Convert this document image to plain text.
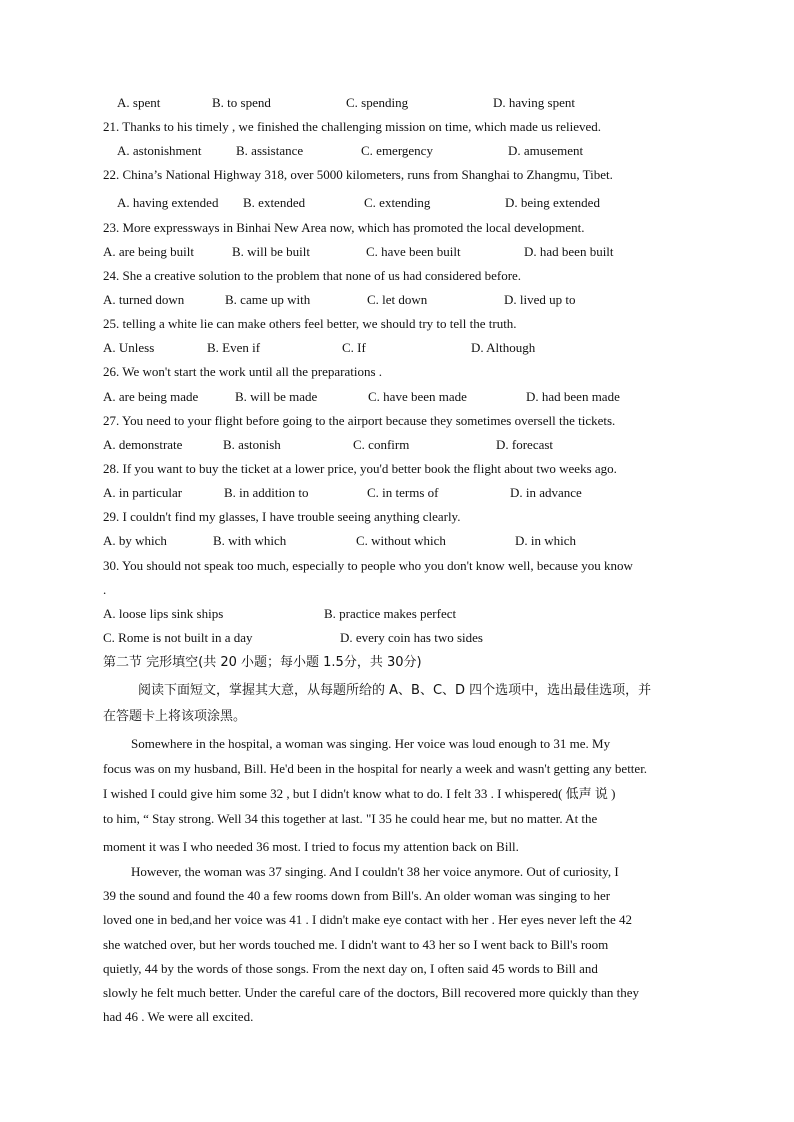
A. spent	B. to spend	C. spending	D. having spent
21. Thanks to his timely , we finished the challenging mission on time, which made us relieved.
A. astonishment	B. assistance	C. emergency	D. amusement
22. China’s National Highway 318, over 5000 kilometers, runs from Shanghai to Zhangmu, Tibet.
A. having extended B. extended	C. extending	D. being extended
23. More expressways in Binhai New Area now, which has promoted the local development.
A. are being built	B. will be built	C. have been built	D. had been built
24. She a creative solution to the problem that none of us had considered before.
A. turned down	B. came up with	C. let down	D. lived up to
25. telling a white lie can make others feel better, we should try to tell the truth.
A. Unless	B. Even if	C. If	D. Although
26. We won't start the work until all the preparations .
A. are being made	B. will be made	C. have been made	D. had been made
27. You need to your flight before going to the airport because they sometimes oversell the tickets.
A. demonstrate	B. astonish	C. confirm	D. forecast
28. If you want to buy the ticket at a lower price, you'd better book the flight about two weeks ago.
A. in particular	B. in addition to	C. in terms of	D. in advance
29. I couldn't find my glasses, I have trouble seeing anything clearly.
A. by which	B. with which	C. without which	D. in which
30. You should not speak too much, especially to people who you don't know well, because you know
.
A. loose lips sink ships	B. practice makes perfect
C. Rome is not built in a day	D. every coin has two sides
第二节 完形填空(共 20 小题；每小题 1.5分，共 30分)
阅读下面短文，掌握其大意，从每题所给的 A、B、C、D 四个选项中，选出最佳选项，并
在答题卡上将该项涂黑。
Somewhere in the hospital, a woman was singing. Her voice was loud enough to 31 me. My
focus was on my husband, Bill. He'd been in the hospital for nearly a week and wasn't getting any better.
I wished I could give him some 32 , but I didn't know what to do. I felt 33 . I whispered( 低声 说 )
to him, “ Stay strong. Well 34 this together at last. "I 35 he could hear me, but no matter. At the
moment it was I who needed 36 most. I tried to focus my attention back on Bill.
However, the woman was 37 singing. And I couldn't 38 her voice anymore. Out of curiosity, I
39 the sound and found the 40 a few rooms down from Bill's. An older woman was singing to her
loved one in bed,and her voice was 41 . I didn't make eye contact with her . Her eyes never left the 42
she watched over, but her words touched me. I didn't want to 43 her so I went back to Bill's room
quietly, 44 by the words of those songs. From the next day on, I often said 45 words to Bill and
slowly he felt much better. Under the careful care of the doctors, Bill recovered more quickly than they
had 46 . We were all excited.
